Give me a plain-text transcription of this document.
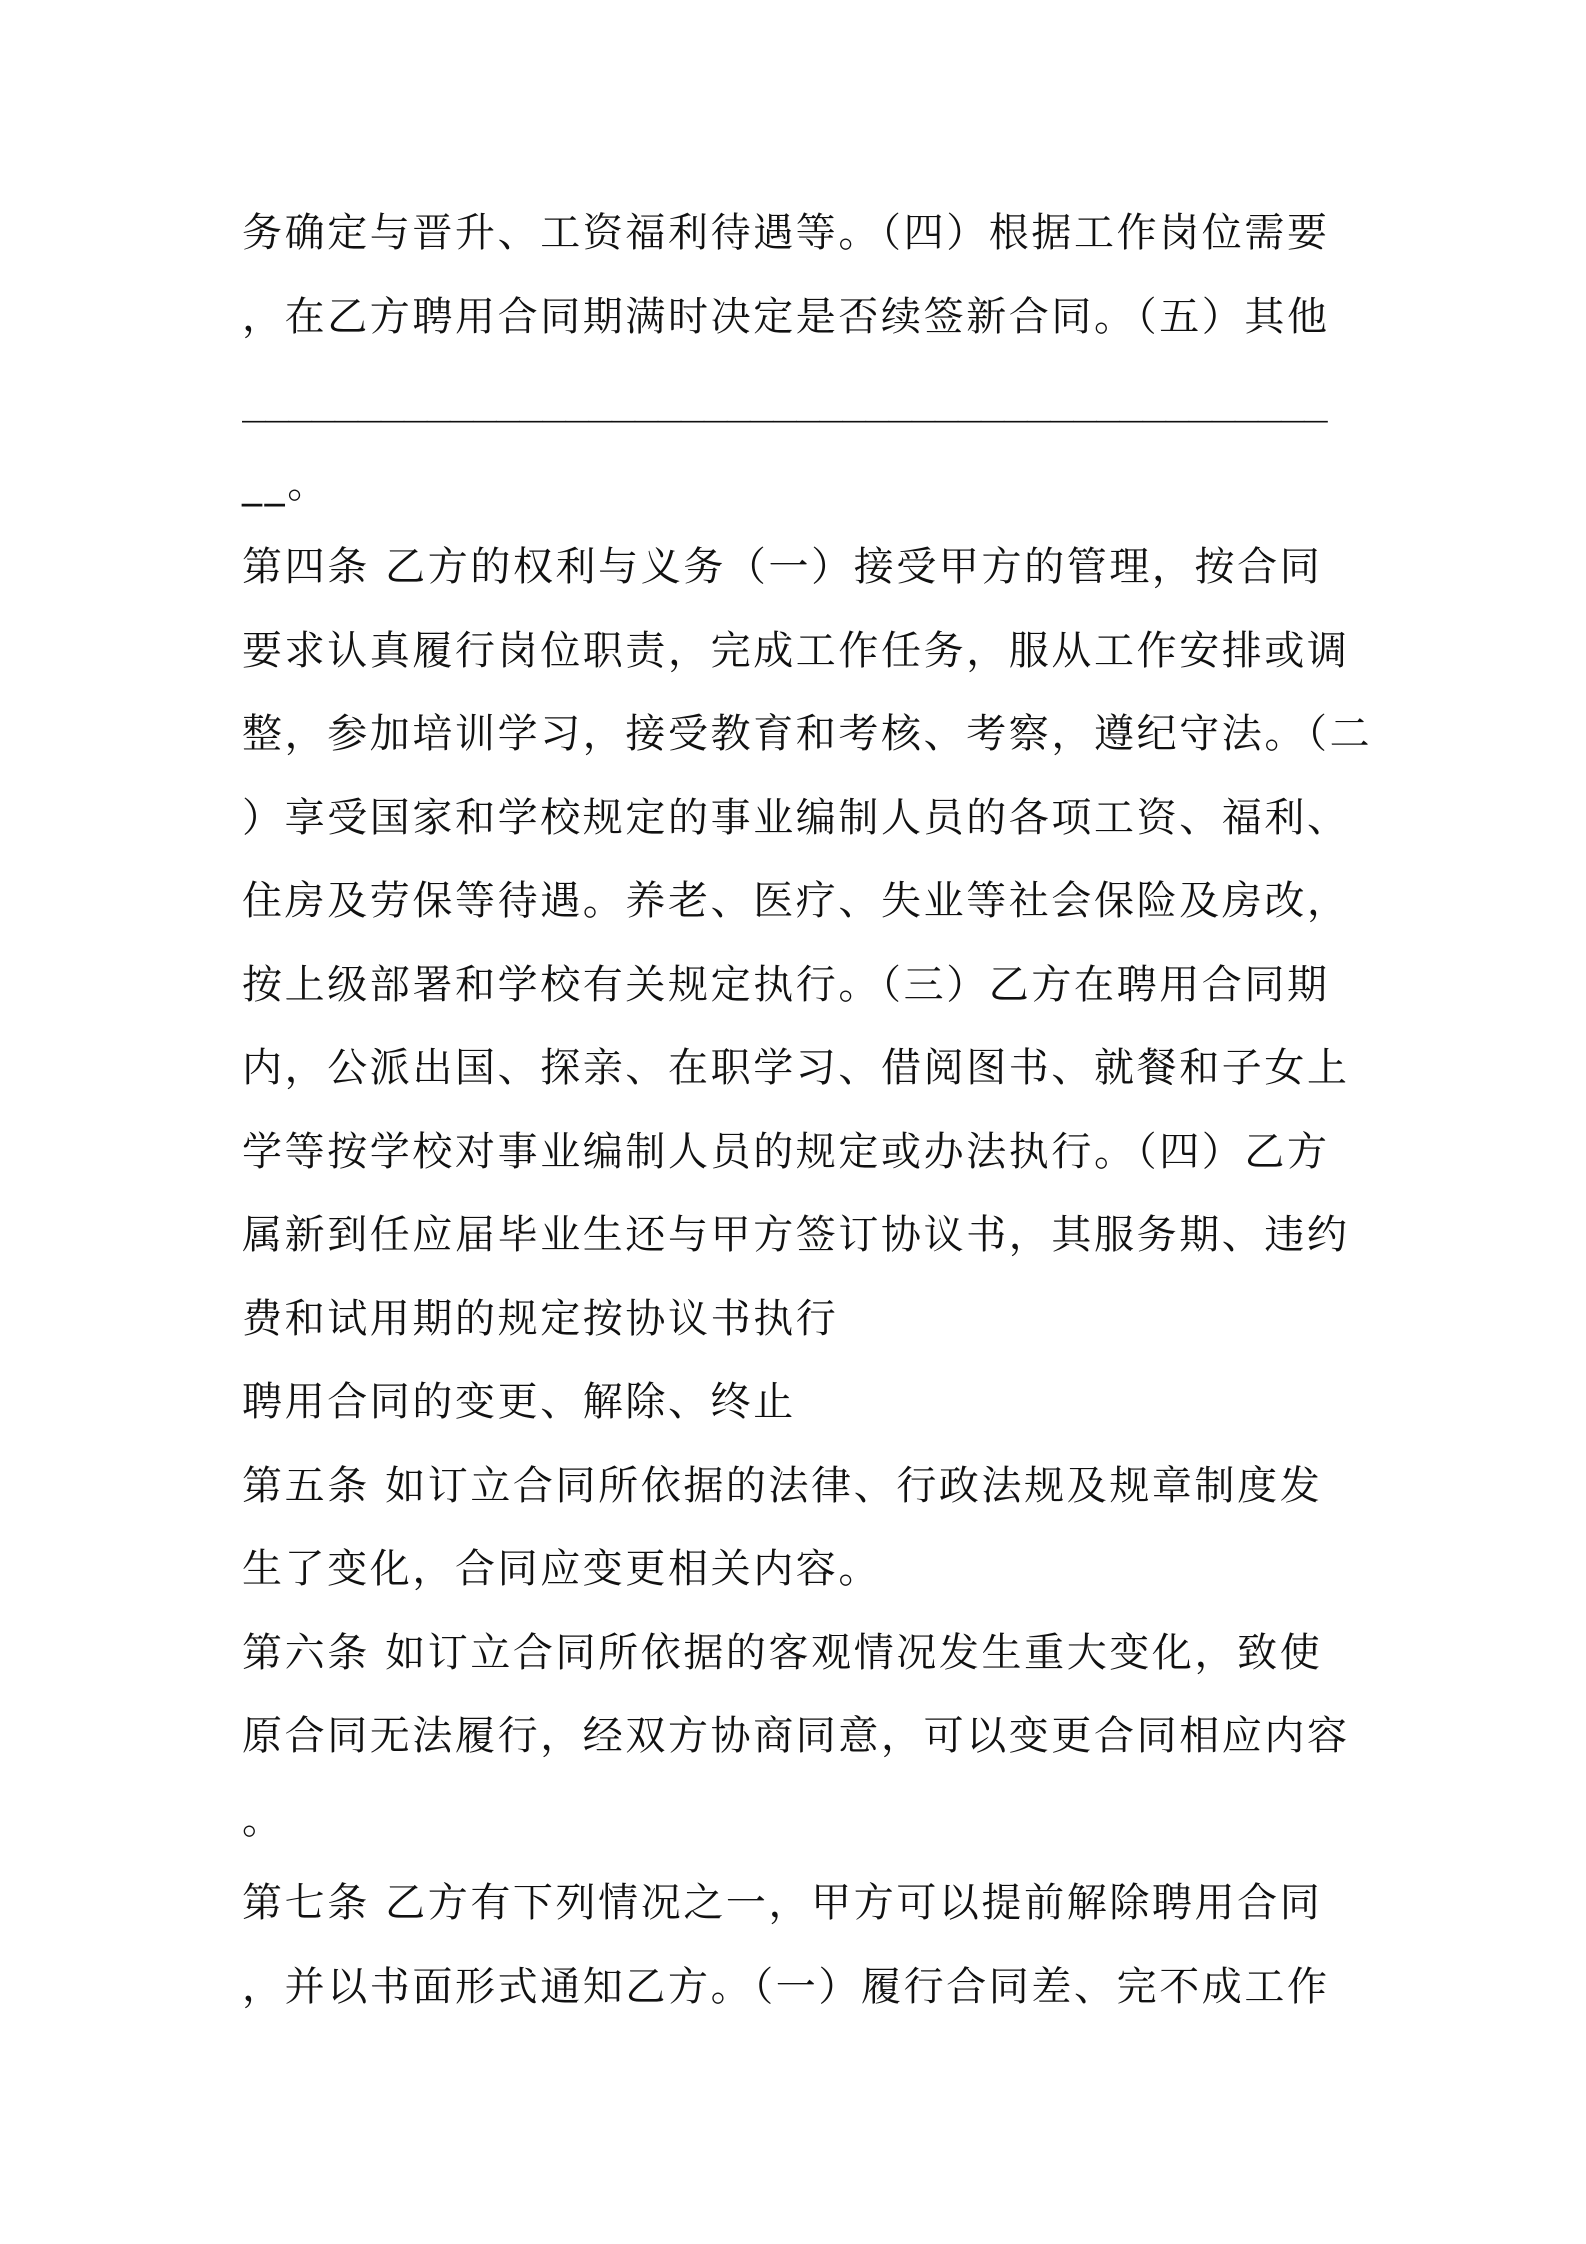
务确定与晋升、工资福利待遇等。（四）根据工作岗位需要
，在乙方聘用合同期满时决定是否续签新合同。（五）其他
_______________________________________________
__。
第四条 乙方的权利与义务（一）接受甲方的管理，按合同
要求认真履行岗位职责，完成工作任务，服从工作安排或调
整，参加培训学习，接受教育和考核、考察，遵纪守法。（二
）享受国家和学校规定的事业编制人员的各项工资、福利、
住房及劳保等待遇。养老、医疗、失业等社会保险及房改，
按上级部署和学校有关规定执行。（三）乙方在聘用合同期
内，公派出国、探亲、在职学习、借阅图书、就餐和子女上
学等按学校对事业编制人员的规定或办法执行。（四）乙方
属新到任应届毕业生还与甲方签订协议书，其服务期、违约
费和试用期的规定按协议书执行
聘用合同的变更、解除、终止
第五条 如订立合同所依据的法律、行政法规及规章制度发
生了变化，合同应变更相关内容。
第六条 如订立合同所依据的客观情况发生重大变化，致使
原合同无法履行，经双方协商同意，可以变更合同相应内容
。
第七条 乙方有下列情况之一，甲方可以提前解除聘用合同
，并以书面形式通知乙方。（一）履行合同差、完不成工作
